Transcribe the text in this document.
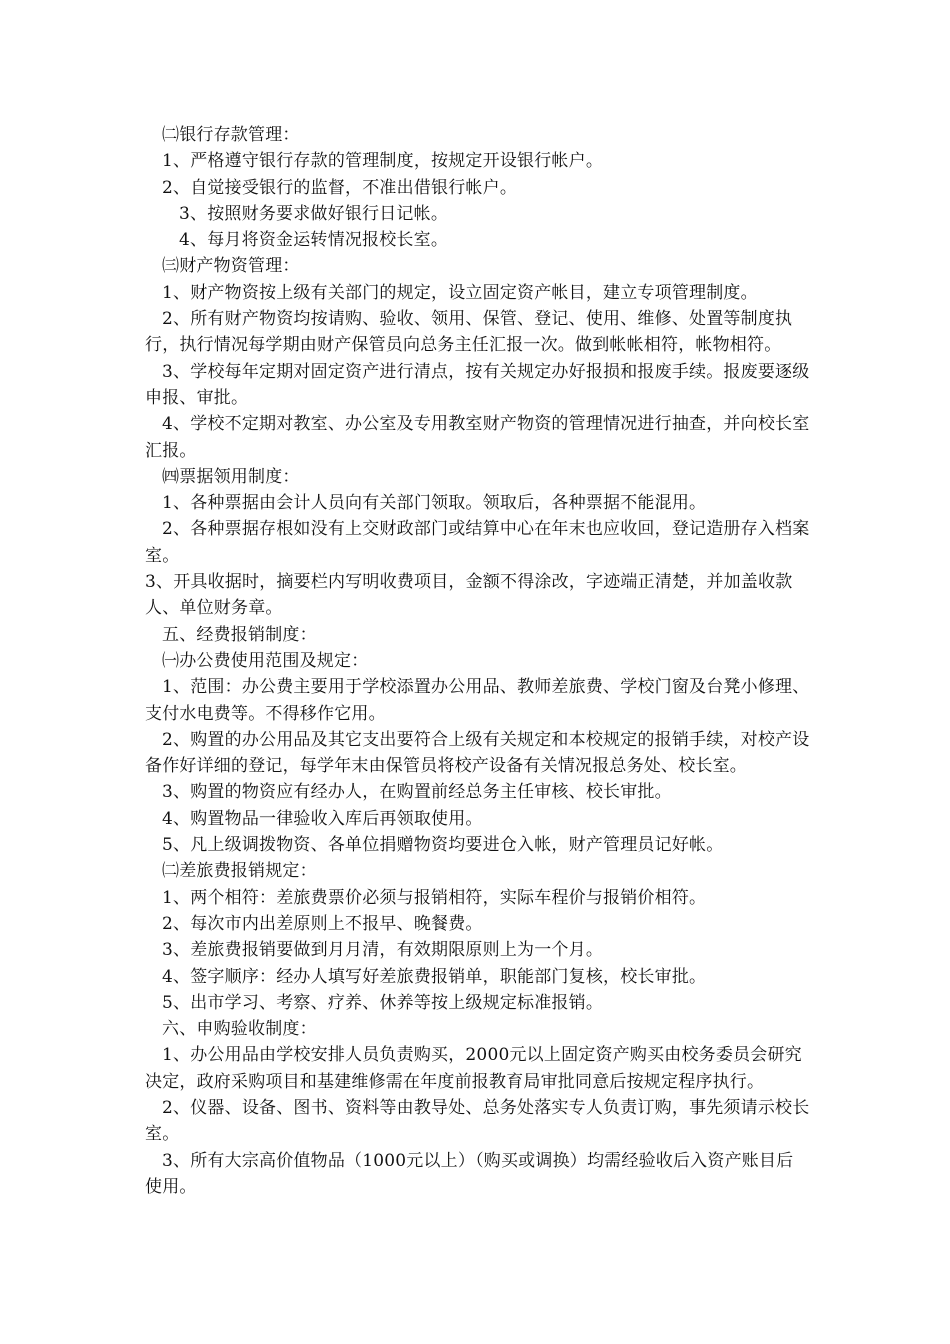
㈡银行存款管理：

1、严格遵守银行存款的管理制度，按规定开设银行帐户。

2、自觉接受银行的监督，不准出借银行帐户。

3、按照财务要求做好银行日记帐。

4、每月将资金运转情况报校长室。

㈢财产物资管理：

1、财产物资按上级有关部门的规定，设立固定资产帐目，建立专项管理制度。

2、所有财产物资均按请购、验收、领用、保管、登记、使用、维修、处置等制度执行，执行情况每学期由财产保管员向总务主任汇报一次。做到帐帐相符，帐物相符。

3、学校每年定期对固定资产进行清点，按有关规定办好报损和报废手续。报废要逐级申报、审批。

4、学校不定期对教室、办公室及专用教室财产物资的管理情况进行抽查，并向校长室汇报。

㈣票据领用制度：

1、各种票据由会计人员向有关部门领取。领取后，各种票据不能混用。

2、各种票据存根如没有上交财政部门或结算中心在年末也应收回，登记造册存入档案室。

3、开具收据时，摘要栏内写明收费项目，金额不得涂改，字迹端正清楚，并加盖收款人、单位财务章。

五、经费报销制度：

㈠办公费使用范围及规定：

1、范围：办公费主要用于学校添置办公用品、教师差旅费、学校门窗及台凳小修理、支付水电费等。不得移作它用。

2、购置的办公用品及其它支出要符合上级有关规定和本校规定的报销手续，对校产设备作好详细的登记，每学年末由保管员将校产设备有关情况报总务处、校长室。

3、购置的物资应有经办人，在购置前经总务主任审核、校长审批。

4、购置物品一律验收入库后再领取使用。

5、凡上级调拨物资、各单位捐赠物资均要进仓入帐，财产管理员记好帐。

㈡差旅费报销规定：

1、两个相符：差旅费票价必须与报销相符，实际车程价与报销价相符。

2、每次市内出差原则上不报早、晚餐费。

3、差旅费报销要做到月月清，有效期限原则上为一个月。

4、签字顺序：经办人填写好差旅费报销单，职能部门复核，校长审批。

5、出市学习、考察、疗养、休养等按上级规定标准报销。

六、申购验收制度：

1、办公用品由学校安排人员负责购买，2000元以上固定资产购买由校务委员会研究决定，政府采购项目和基建维修需在年度前报教育局审批同意后按规定程序执行。

2、仪器、设备、图书、资料等由教导处、总务处落实专人负责订购，事先须请示校长室。

3、所有大宗高价值物品（1000元以上）（购买或调换）均需经验收后入资产账目后使用。
